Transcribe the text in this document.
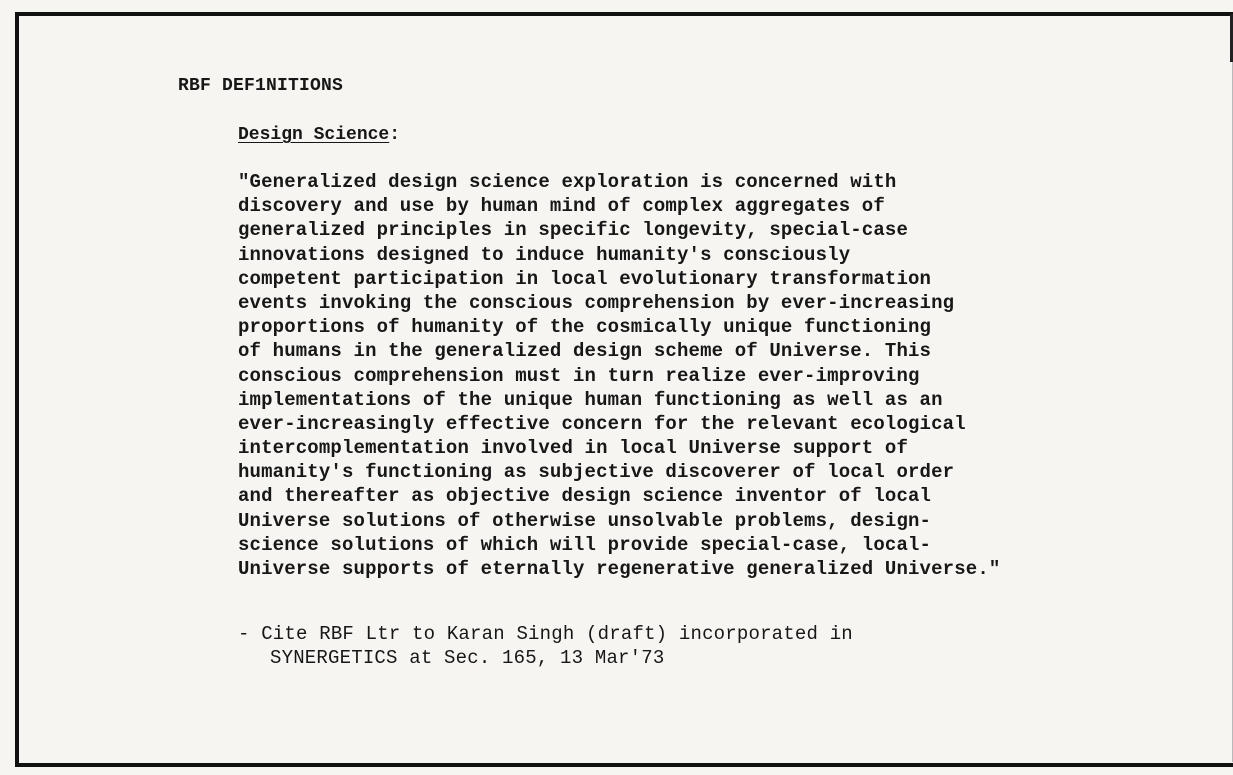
RBF DEF1NITIONS
Design Science:
"Generalized design science exploration is concerned with
discovery and use by human mind of complex aggregates of
generalized principles in specific longevity, special-case
innovations designed to induce humanity's consciously
competent participation in local evolutionary transformation
events invoking the conscious comprehension by ever-increasing
proportions of humanity of the cosmically unique functioning
of humans in the generalized design scheme of Universe. This
conscious comprehension must in turn realize ever-improving
implementations of the unique human functioning as well as an
ever-increasingly effective concern for the relevant ecological
intercomplementation involved in local Universe support of
humanity's functioning as subjective discoverer of local order
and thereafter as objective design science inventor of local
Universe solutions of otherwise unsolvable problems, design-
science solutions of which will provide special-case, local-
Universe supports of eternally regenerative generalized Universe."
- Cite RBF Ltr to Karan Singh (draft) incorporated in
SYNERGETICS at Sec. 165, 13 Mar'73
